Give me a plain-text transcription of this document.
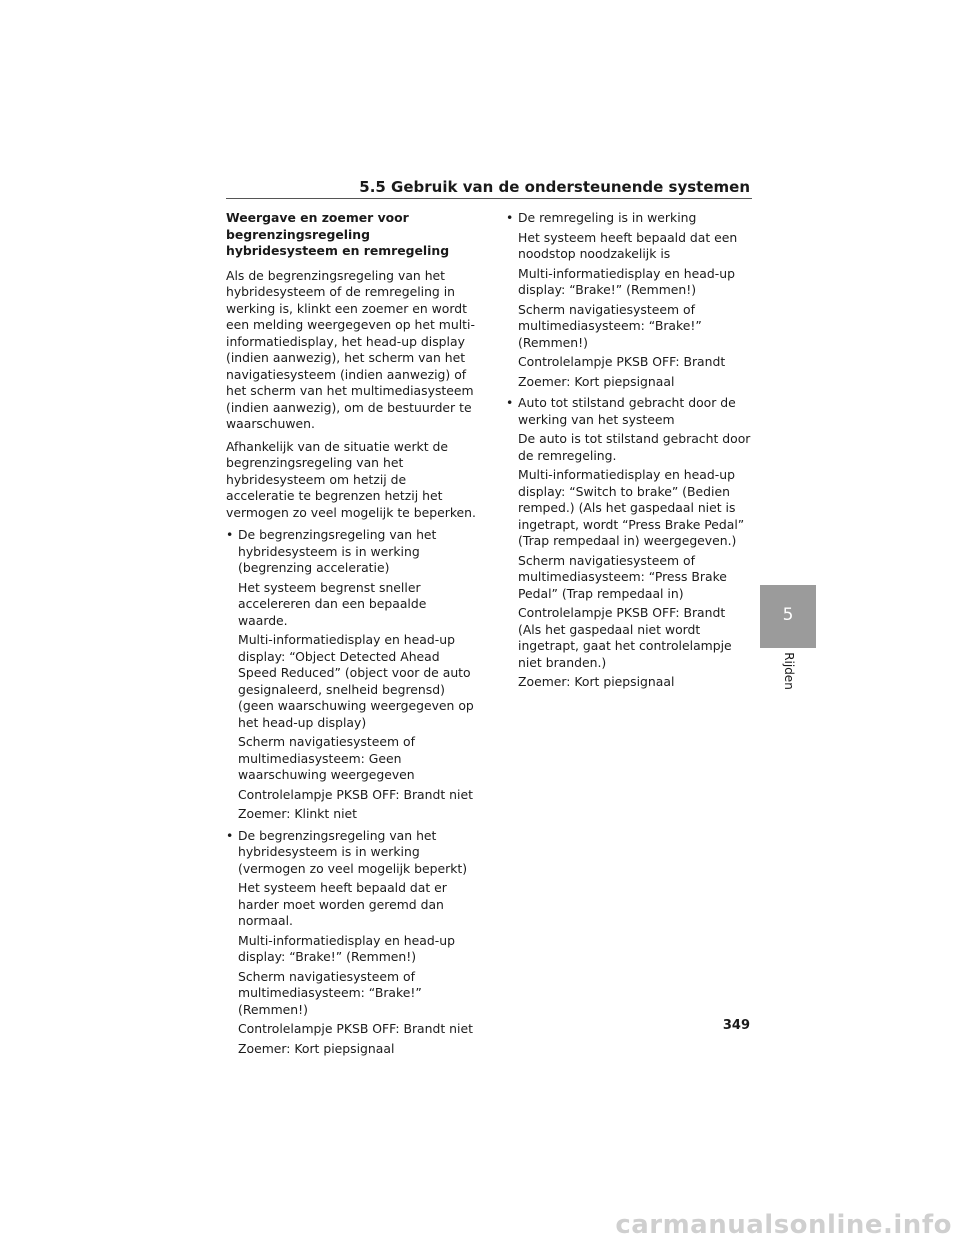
5.5 Gebruik van de ondersteunende systemen

Weergave en zoemer voor begrenzingsregeling hybridesysteem en remregeling

Als de begrenzingsregeling van het hybridesysteem of de remregeling in werking is, klinkt een zoemer en wordt een melding weergegeven op het multi-informatiedisplay, het head-up display (indien aanwezig), het scherm van het navigatiesysteem (indien aanwezig) of het scherm van het multimediasysteem (indien aanwezig), om de bestuurder te waarschuwen.

Afhankelijk van de situatie werkt de begrenzingsregeling van het hybridesysteem om hetzij de acceleratie te begrenzen hetzij het vermogen zo veel mogelijk te beperken.

• De begrenzingsregeling van het hybridesysteem is in werking (begrenzing acceleratie)

Het systeem begrenst sneller accelereren dan een bepaalde waarde.

Multi-informatiedisplay en head-up display: “Object Detected Ahead Speed Reduced” (object voor de auto gesignaleerd, snelheid begrensd) (geen waarschuwing weergegeven op het head-up display)

Scherm navigatiesysteem of multimediasysteem: Geen waarschuwing weergegeven

Controlelampje PKSB OFF: Brandt niet

Zoemer: Klinkt niet

• De begrenzingsregeling van het hybridesysteem is in werking (vermogen zo veel mogelijk beperkt)

Het systeem heeft bepaald dat er harder moet worden geremd dan normaal.

Multi-informatiedisplay en head-up display: “Brake!” (Remmen!)

Scherm navigatiesysteem of multimediasysteem: “Brake!” (Remmen!)

Controlelampje PKSB OFF: Brandt niet

Zoemer: Kort piepsignaal

• De remregeling is in werking

Het systeem heeft bepaald dat een noodstop noodzakelijk is

Multi-informatiedisplay en head-up display: “Brake!” (Remmen!)

Scherm navigatiesysteem of multimediasysteem: “Brake!” (Remmen!)

Controlelampje PKSB OFF: Brandt

Zoemer: Kort piepsignaal

• Auto tot stilstand gebracht door de werking van het systeem

De auto is tot stilstand gebracht door de remregeling.

Multi-informatiedisplay en head-up display: “Switch to brake” (Bedien remped.) (Als het gaspedaal niet is ingetrapt, wordt “Press Brake Pedal” (Trap rempedaal in) weergegeven.)

Scherm navigatiesysteem of multimediasysteem: “Press Brake Pedal” (Trap rempedaal in)

Controlelampje PKSB OFF: Brandt (Als het gaspedaal niet wordt ingetrapt, gaat het controlelampje niet branden.)

Zoemer: Kort piepsignaal

5
Rijden
349
carmanualsonline.info
